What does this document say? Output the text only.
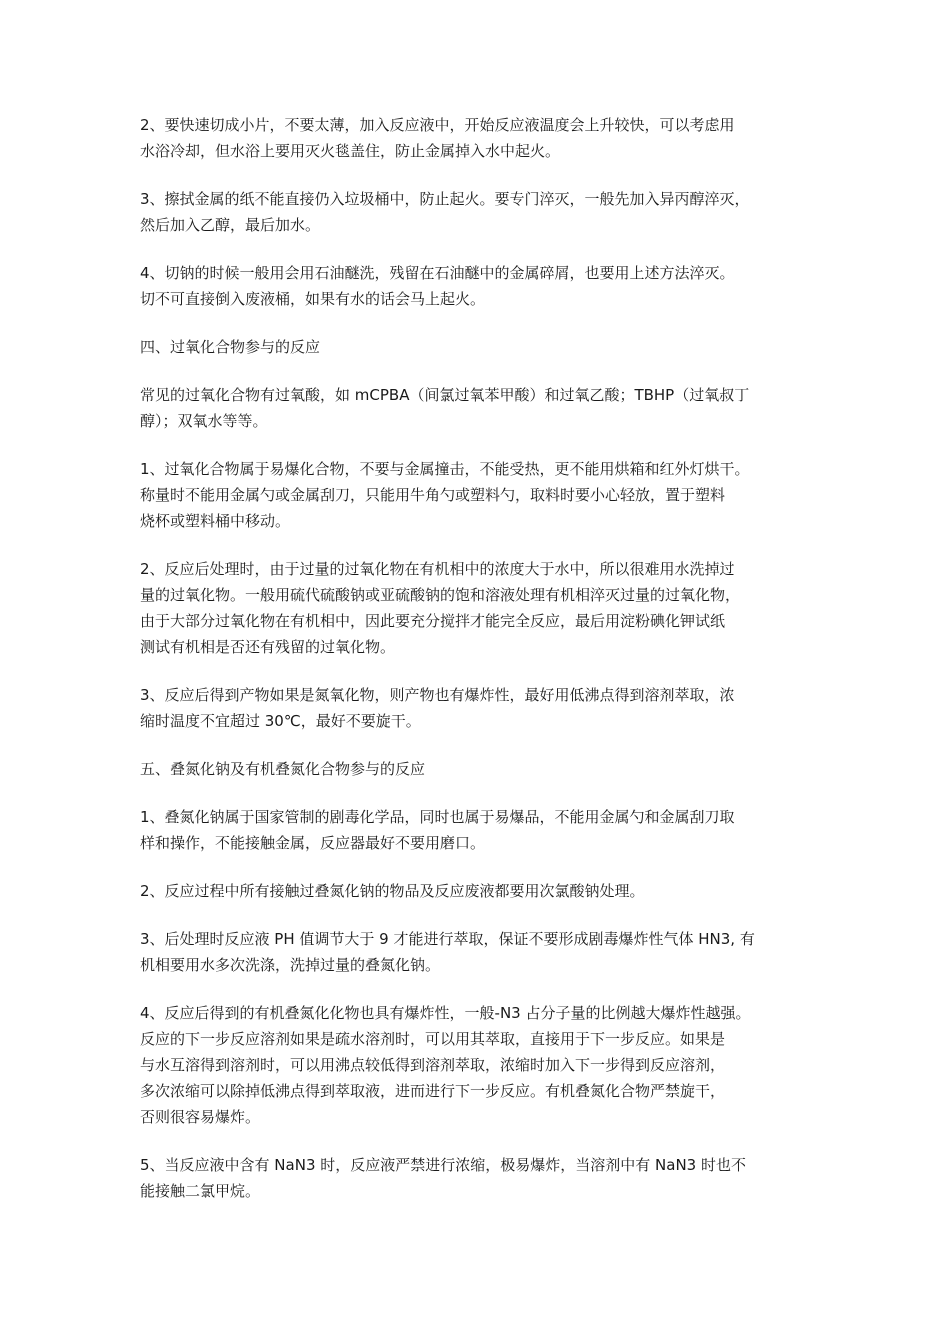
2、要快速切成小片，不要太薄，加入反应液中，开始反应液温度会上升较快，可以考虑用
水浴冷却，但水浴上要用灭火毯盖住，防止金属掉入水中起火。

3、擦拭金属的纸不能直接仍入垃圾桶中，防止起火。要专门淬灭，一般先加入异丙醇淬灭，
然后加入乙醇，最后加水。

4、切钠的时候一般用会用石油醚洗，残留在石油醚中的金属碎屑，也要用上述方法淬灭。
切不可直接倒入废液桶，如果有水的话会马上起火。

四、过氧化合物参与的反应

常见的过氧化合物有过氧酸，如 mCPBA（间氯过氧苯甲酸）和过氧乙酸；TBHP（过氧叔丁
醇）；双氧水等等。

1、过氧化合物属于易爆化合物，不要与金属撞击，不能受热，更不能用烘箱和红外灯烘干。
称量时不能用金属勺或金属刮刀，只能用牛角勺或塑料勺，取料时要小心轻放，置于塑料
烧杯或塑料桶中移动。

2、反应后处理时，由于过量的过氧化物在有机相中的浓度大于水中，所以很难用水洗掉过
量的过氧化物。一般用硫代硫酸钠或亚硫酸钠的饱和溶液处理有机相淬灭过量的过氧化物，
由于大部分过氧化物在有机相中，因此要充分搅拌才能完全反应，最后用淀粉碘化钾试纸
测试有机相是否还有残留的过氧化物。

3、反应后得到产物如果是氮氧化物，则产物也有爆炸性，最好用低沸点得到溶剂萃取，浓
缩时温度不宜超过 30℃，最好不要旋干。

五、叠氮化钠及有机叠氮化合物参与的反应

1、叠氮化钠属于国家管制的剧毒化学品，同时也属于易爆品，不能用金属勺和金属刮刀取
样和操作，不能接触金属，反应器最好不要用磨口。

2、反应过程中所有接触过叠氮化钠的物品及反应废液都要用次氯酸钠处理。

3、后处理时反应液 PH 值调节大于 9 才能进行萃取，保证不要形成剧毒爆炸性气体 HN3, 有
机相要用水多次洗涤，洗掉过量的叠氮化钠。

4、反应后得到的有机叠氮化化物也具有爆炸性，一般-N3 占分子量的比例越大爆炸性越强。
反应的下一步反应溶剂如果是疏水溶剂时，可以用其萃取，直接用于下一步反应。如果是
与水互溶得到溶剂时，可以用沸点较低得到溶剂萃取，浓缩时加入下一步得到反应溶剂，
多次浓缩可以除掉低沸点得到萃取液，进而进行下一步反应。有机叠氮化合物严禁旋干，
否则很容易爆炸。

5、当反应液中含有 NaN3 时，反应液严禁进行浓缩，极易爆炸，当溶剂中有 NaN3 时也不
能接触二氯甲烷。
